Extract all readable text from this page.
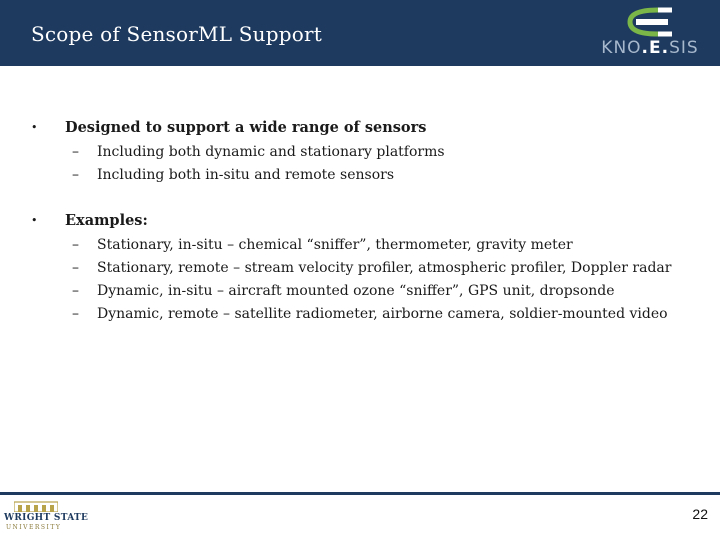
Scope of SensorML Support
KNO.E.SIS
• Designed to support a wide range of sensors
– Including both dynamic and stationary platforms
– Including both in-situ and remote sensors
• Examples:
– Stationary, in-situ – chemical “sniffer”, thermometer, gravity meter
– Stationary, remote – stream velocity profiler, atmospheric profiler, Doppler radar
– Dynamic, in-situ – aircraft mounted ozone “sniffer”, GPS unit, dropsonde
– Dynamic, remote – satellite radiometer, airborne camera, soldier-mounted video
WRIGHT STATE
UNIVERSITY
22
